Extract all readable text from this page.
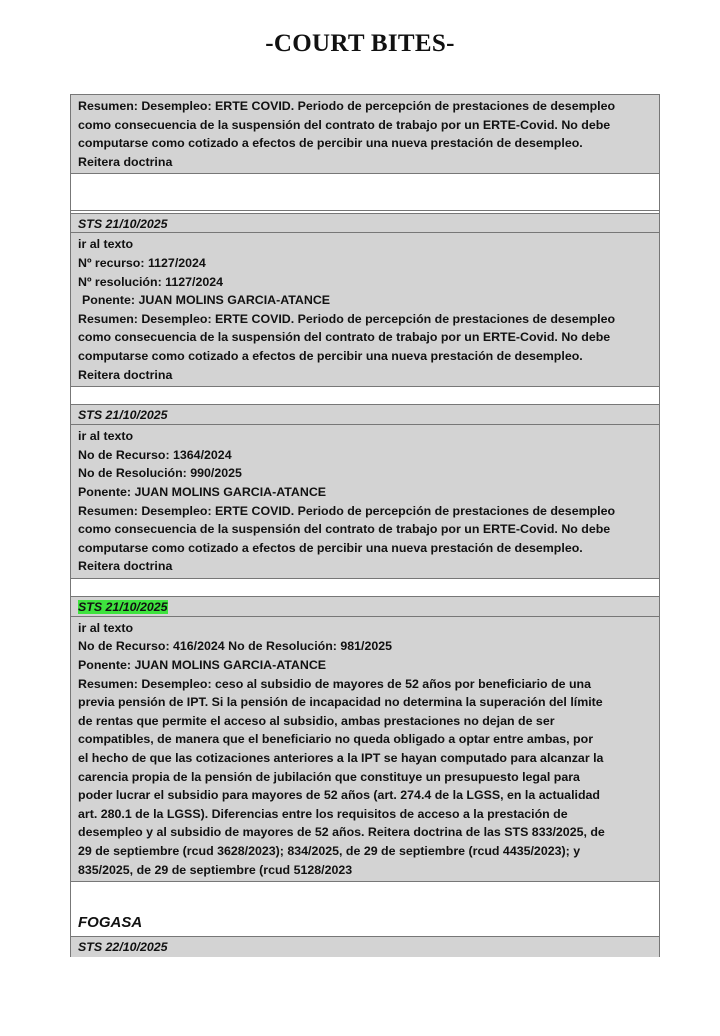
-COURT BITES-
Resumen: Desempleo: ERTE COVID. Periodo de percepción de prestaciones de desempleo
como consecuencia de la suspensión del contrato de trabajo por un ERTE-Covid. No debe
computarse como cotizado a efectos de percibir una nueva prestación de desempleo.
Reitera doctrina
STS 21/10/2025
ir al texto
Nº recurso: 1127/2024
Nº resolución: 1127/2024
Ponente: JUAN MOLINS GARCIA-ATANCE
Resumen: Desempleo: ERTE COVID. Periodo de percepción de prestaciones de desempleo
como consecuencia de la suspensión del contrato de trabajo por un ERTE-Covid. No debe
computarse como cotizado a efectos de percibir una nueva prestación de desempleo.
Reitera doctrina
STS 21/10/2025
ir al texto
No de Recurso: 1364/2024
No de Resolución: 990/2025
Ponente: JUAN MOLINS GARCIA-ATANCE
Resumen: Desempleo: ERTE COVID. Periodo de percepción de prestaciones de desempleo
como consecuencia de la suspensión del contrato de trabajo por un ERTE-Covid. No debe
computarse como cotizado a efectos de percibir una nueva prestación de desempleo.
Reitera doctrina
STS 21/10/2025
ir al texto
No de Recurso: 416/2024 No de Resolución: 981/2025
Ponente: JUAN MOLINS GARCIA-ATANCE
Resumen: Desempleo: ceso al subsidio de mayores de 52 años por beneficiario de una
previa pensión de IPT. Si la pensión de incapacidad no determina la superación del límite
de rentas que permite el acceso al subsidio, ambas prestaciones no dejan de ser
compatibles, de manera que el beneficiario no queda obligado a optar entre ambas, por
el hecho de que las cotizaciones anteriores a la IPT se hayan computado para alcanzar la
carencia propia de la pensión de jubilación que constituye un presupuesto legal para
poder lucrar el subsidio para mayores de 52 años (art. 274.4 de la LGSS, en la actualidad
art. 280.1 de la LGSS). Diferencias entre los requisitos de acceso a la prestación de
desempleo y al subsidio de mayores de 52 años. Reitera doctrina de las STS 833/2025, de
29 de septiembre (rcud 3628/2023); 834/2025, de 29 de septiembre (rcud 4435/2023); y
835/2025, de 29 de septiembre (rcud 5128/2023
FOGASA
STS 22/10/2025
